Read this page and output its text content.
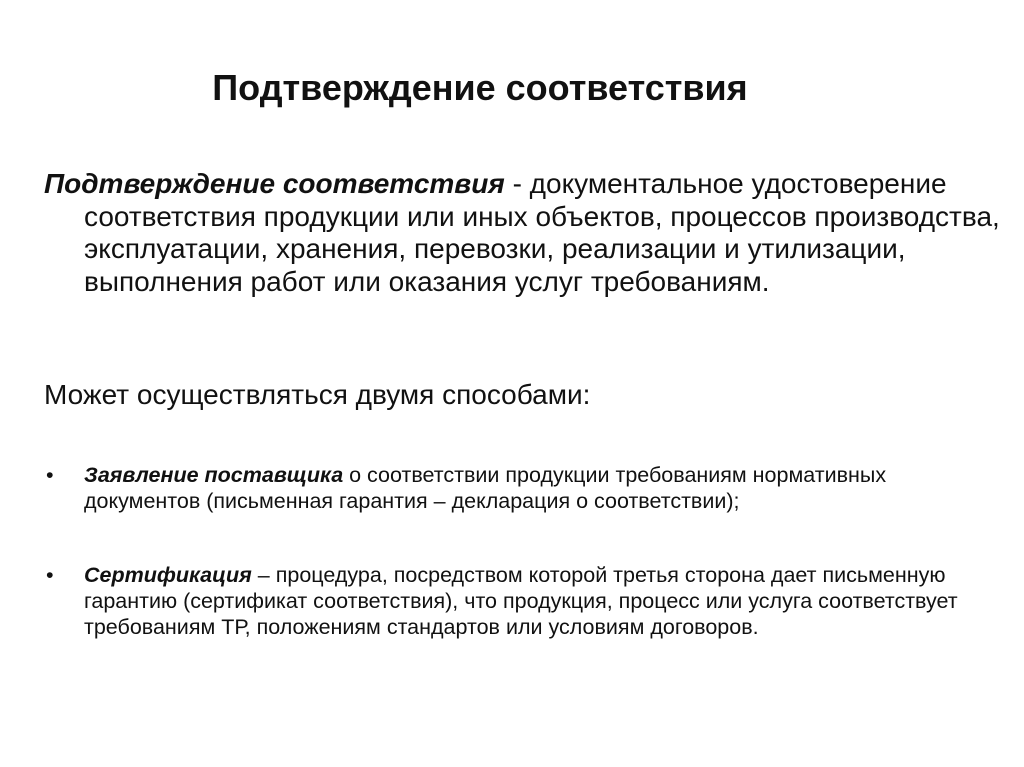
Подтверждение соответствия

Подтверждение соответствия - документальное удостоверение соответствия продукции или иных объектов, процессов производства, эксплуатации, хранения, перевозки, реализации и утилизации, выполнения работ или оказания услуг требованиям.

Может осуществляться двумя способами:

• Заявление поставщика о соответствии продукции требованиям нормативных документов (письменная гарантия – декларация о соответствии);
• Сертификация – процедура, посредством которой третья сторона дает письменную гарантию (сертификат соответствия), что продукция, процесс или услуга соответствует требованиям ТР, положениям стандартов или условиям договоров.
